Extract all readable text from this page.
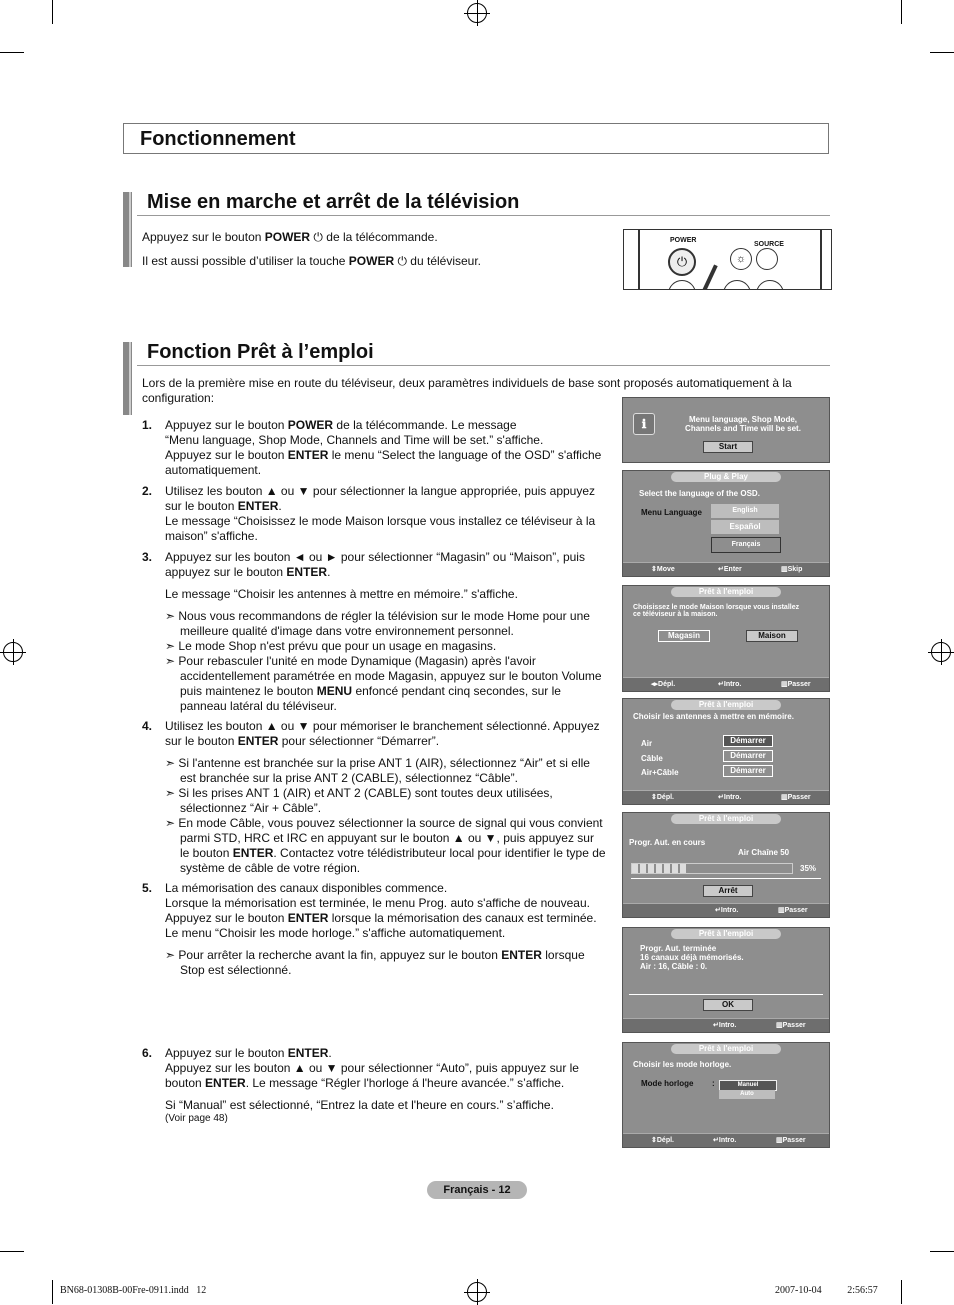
Fonctionnement
Mise en marche et arrêt de la télévision
Appuyez sur le bouton POWER ⏻ de la télécommande.
Il est aussi possible d’utiliser la touche POWER ⏻ du téléviseur.
POWER
SOURCE
⏻	☼
Fonction Prêt à l’emploi
Lors de la première mise en route du téléviseur, deux paramètres individuels de base sont proposés automatiquement à la configuration:
1. Appuyez sur le bouton POWER de la télécommande. Le message
“Menu language, Shop Mode, Channels and Time will be set.” s'affiche.
Appuyez sur le bouton ENTER le menu “Select the language of the OSD” s'affiche
automatiquement.
2. Utilisez les bouton ▲ ou ▼ pour sélectionner la langue appropriée, puis appuyez
sur le bouton ENTER.
Le message “Choisissez le mode Maison lorsque vous installez ce téléviseur à la
maison” s'affiche.
3. Appuyez sur les bouton ◄ ou ► pour sélectionner “Magasin” ou “Maison”, puis
appuyez sur le bouton ENTER.
Le message “Choisir les antennes à mettre en mémoire.” s'affiche.
➣ Nous vous recommandons de régler la télévision sur le mode Home pour une
meilleure qualité d'image dans votre environnement personnel.
➣ Le mode Shop n'est prévu que pour un usage en magasins.
➣ Pour rebasculer l'unité en mode Dynamique (Magasin) après l'avoir
accidentellement paramétrée en mode Magasin, appuyez sur le bouton Volume
puis maintenez le bouton MENU enfoncé pendant cinq secondes, sur le
panneau latéral du téléviseur.
4. Utilisez les bouton ▲ ou ▼ pour mémoriser le branchement sélectionné. Appuyez
sur le bouton ENTER pour sélectionner “Démarrer”.
➣ Si l'antenne est branchée sur la prise ANT 1 (AIR), sélectionnez “Air” et si elle
est branchée sur la prise ANT 2 (CABLE), sélectionnez “Câble”.
➣ Si les prises ANT 1 (AIR) et ANT 2 (CABLE) sont toutes deux utilisées,
sélectionnez “Air + Câble”.
➣ En mode Câble, vous pouvez sélectionner la source de signal qui vous convient
parmi STD, HRC et IRC en appuyant sur le bouton ▲ ou ▼, puis appuyez sur
le bouton ENTER. Contactez votre télédistributeur local pour identifier le type de
système de câble de votre région.
5. La mémorisation des canaux disponibles commence.
Lorsque la mémorisation est terminée, le menu Prog. auto s'affiche de nouveau.
Appuyez sur le bouton ENTER lorsque la mémorisation des canaux est terminée.
Le menu “Choisir les mode horloge.” s'affiche automatiquement.
➣ Pour arrêter la recherche avant la fin, appuyez sur le bouton ENTER lorsque
Stop est sélectionné.
6. Appuyez sur le bouton ENTER.
Appuyez sur les bouton ▲ ou ▼ pour sélectionner “Auto”, puis appuyez sur le
bouton ENTER. Le message “Régler l'horloge á l'heure avancée.” s’affiche.
Si “Manual” est sélectionné, “Entrez la date et l'heure en cours.” s’affiche.
(Voir page 48)
ℹ	Menu language, Shop Mode,
Channels and Time will be set.
Start
Plug & Play
Select the language of the OSD.
Menu Language	English
Español
Français
⇕ Move	↵ Enter	▥ Skip
Prêt à l'emploi
Choisissez le mode Maison lorsque vous installez
ce téléviseur à la maison.
Magasin	Maison
◂▸ Dépl.	↵ Intro.	▥ Passer
Prêt à l'emploi
Choisir les antennes à mettre en mémoire.
Air
Câble
Air+Câble
Démarrer
Démarrer
Démarrer
⇕ Dépl.	↵ Intro.	▥ Passer
Prêt à l'emploi
Progr. Aut. en cours
Air Chaîne 50
35%
Arrêt
↵ Intro.	▥ Passer
Prêt à l'emploi
Progr. Aut. terminée
16 canaux déjà mémorisés.
Air : 16, Câble : 0.
OK
↵ Intro.	▥ Passer
Prêt à l'emploi
Choisir les mode horloge.
Mode horloge :	Manuel
Auto
⇕ Dépl.	↵ Intro.	▥ Passer
Français - 12
BN68-01308B-00Fre-0911.indd   12	2007-10-04   ￿￿ 2:56:57
